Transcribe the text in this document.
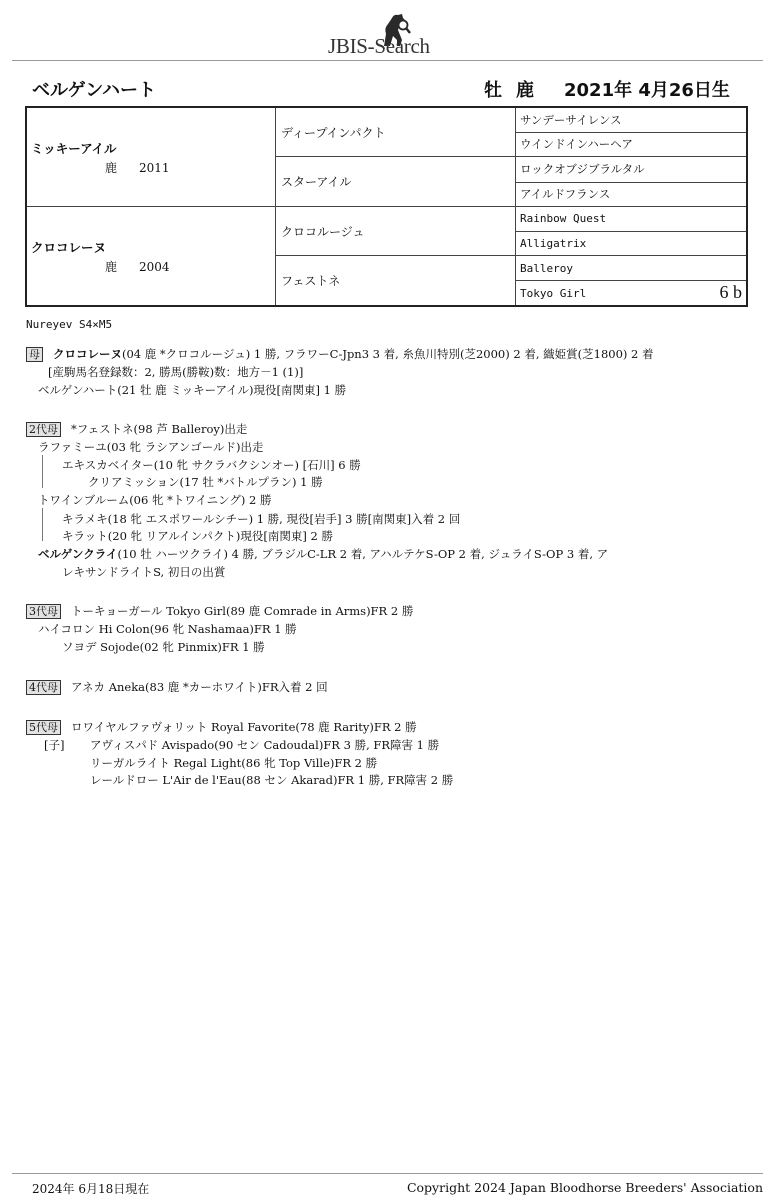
JBIS-Search
ベルゲンハート	牡 鹿 2021年 4月26日生
ミッキーアイル
鹿 2011	ディープインパクト	サンデーサイレンス
		ウインドインハーヘア
	スターアイル	ロックオブジブラルタル
		アイルドフランス

クロコレーヌ
鹿 2004	クロコルージュ	Rainbow Quest
		Alligatrix
	フェストネ	Balleroy
		Tokyo Girl 6 b
Nureyev S4×M5
母 クロコレーヌ(04 鹿 *クロコルージュ) 1 勝, フラワーC-Jpn3 3 着, 糸魚川特別(芝2000) 2 着, 織姫賞(芝1800) 2 着
[産駒馬名登録数：2, 勝馬(勝鞍)数：地方－1 (1)]
ベルゲンハート(21 牡 鹿 ミッキーアイル)現役[南関東] 1 勝
2代母 *フェストネ(98 芦 Balleroy)出走
ラファミーユ(03 牝 ラシアンゴールド)出走
エキスカベイター(10 牝 サクラバクシンオー) [石川] 6 勝
クリアミッション(17 牡 *バトルプラン) 1 勝
トワインブルーム(06 牝 *トワイニング) 2 勝
キラメキ(18 牝 エスポワールシチー) 1 勝, 現役[岩手] 3 勝[南関東]入着 2 回
キラット(20 牝 リアルインパクト)現役[南関東] 2 勝
ベルゲンクライ(10 牡 ハーツクライ) 4 勝, ブラジルC-LR 2 着, アハルテケS-OP 2 着, ジュライS-OP 3 着, ア
レキサンドライトS, 初日の出賞
3代母 トーキョーガール Tokyo Girl(89 鹿 Comrade in Arms)FR 2 勝
ハイコロン Hi Colon(96 牝 Nashamaa)FR 1 勝
ソヨデ Sojode(02 牝 Pinmix)FR 1 勝
4代母 アネカ Aneka(83 鹿 *カーホワイト)FR入着 2 回
5代母 ロワイヤルファヴォリット Royal Favorite(78 鹿 Rarity)FR 2 勝
[子] アヴィスパド Avispado(90 セン Cadoudal)FR 3 勝, FR障害 1 勝
リーガルライト Regal Light(86 牝 Top Ville)FR 2 勝
レールドロー L'Air de l'Eau(88 セン Akarad)FR 1 勝, FR障害 2 勝
2024年 6月18日現在	Copyright 2024 Japan Bloodhorse Breeders' Association
